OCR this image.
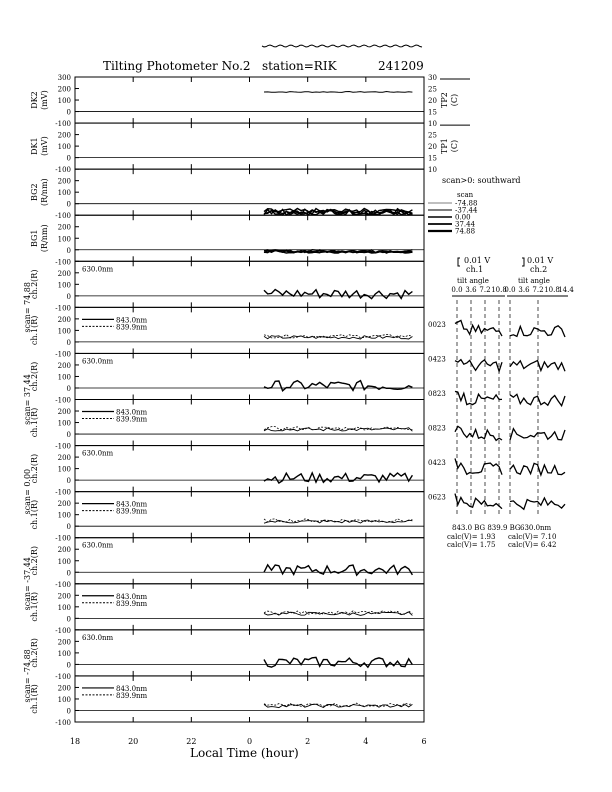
Tilting Photometer No.2 station=RIK	241209
Local Time (hour)
18	20	22	0	2	4	6
-100
0
100
200
300
DK2 (mV)
10
15
20
25
30
TP2 (C)
-100
0
100
200
DK1 (mV)
10
15
20
25
TP1 (C)
-100
0
100
200
BG2 (R/nm)
-100
0
100
200
BG1 (R/nm)
-100
0
100
200
ch.2(R)
scan= 74.88
630.0nm
-100
0
100
200
ch.1(R)	843.0nm
839.9nm
-100
0
100
200
ch.2(R)
scan= 37.44
630.0nm
-100
0
100
200
ch.1(R)	843.0nm
839.9nm
-100
0
100
200
ch.2(R)
scan= 0.00
630.0nm
-100
0
100
200
ch.1(R)	843.0nm
839.9nm
-100
0
100
200
ch.2(R)
scan= -37.44
630.0nm
-100
0
100
200
ch.1(R)	843.0nm
839.9nm
-100
0
100
200
ch.2(R)
scan= -74.88
630.0nm
-100
0
100
200
ch.1(R)	843.0nm
839.9nm
scan>0: southward
scan
-74.88
-37.44
0.00
37.44
74.88
0.01 V	0.01 V
ch.1	ch.2
tilt angle	tilt angle
0.0 3.6 7.2 10.8
0.0 3.6 7.2 10.8
14.4
0023
0423
0823
0823
0423
0623
843.0 BG 839.9 BG 630.0nm
calc(V)= 1.93
calc(V)= 1.75
calc(V)= 7.10
calc(V)= 6.42
